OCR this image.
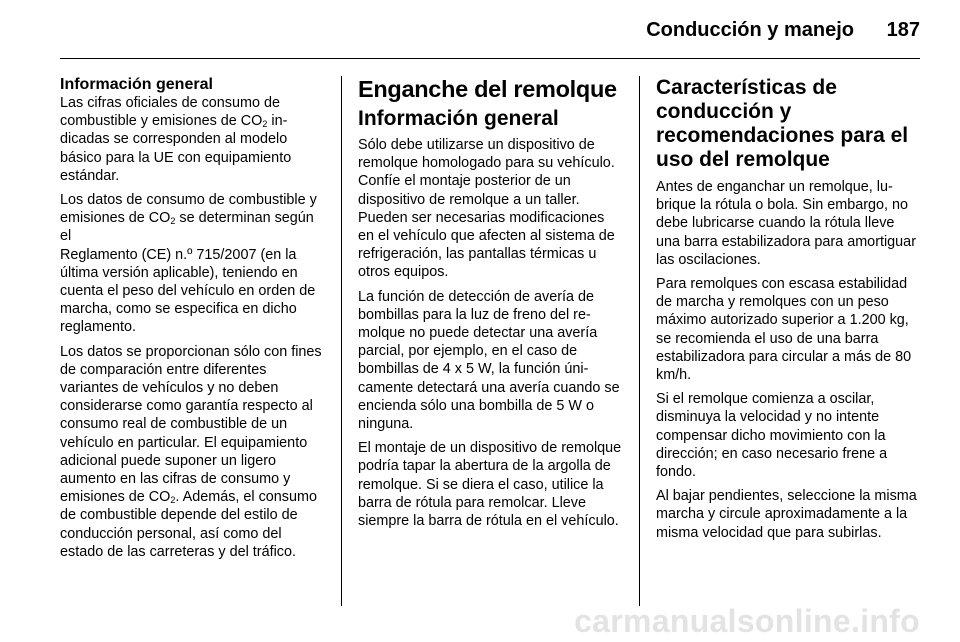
Conducción y manejo 187
Información general

Las cifras oficiales de consumo de combustible y emisiones de $CO_2$ indicadas se corresponden al modelo básico para la UE con equipamiento estándar.

Los datos de consumo de combustible y emisiones de $CO_2$ se determinan según el
Reglamento (CE) n.º 715/2007 (en la última versión aplicable), teniendo en cuenta el peso del vehículo en orden de marcha, como se especifica en dicho reglamento.

Los datos se proporcionan sólo con fines de comparación entre diferentes variantes de vehículos y no deben considerarse como garantía respecto al consumo real de combustible de un vehículo en particular. El equipamiento adicional puede suponer un ligero aumento en las cifras de consumo y emisiones de $CO_2$. Además, el consumo de combustible depende del estilo de conducción personal, así como del estado de las carreteras y del tráfico.

Enganche del remolque
Información general

Sólo debe utilizarse un dispositivo de remolque homologado para su vehículo. Confíe el montaje posterior de un dispositivo de remolque a un taller. Pueden ser necesarias modificaciones en el vehículo que afecten al sistema de refrigeración, las pantallas térmicas u otros equipos.

La función de detección de avería de bombillas para la luz de freno del remolque no puede detectar una avería parcial, por ejemplo, en el caso de bombillas de 4 x 5 W, la función únicamente detectará una avería cuando se encienda sólo una bombilla de 5 W o ninguna.

El montaje de un dispositivo de remolque podría tapar la abertura de la argolla de remolque. Si se diera el caso, utilice la barra de rótula para remolcar. Lleve siempre la barra de rótula en el vehículo.

Características de conducción y recomendaciones para el uso del remolque

Antes de enganchar un remolque, lubrique la rótula o bola. Sin embargo, no debe lubricarse cuando la rótula lleve una barra estabilizadora para amortiguar las oscilaciones.

Para remolques con escasa estabilidad de marcha y remolques con un peso máximo autorizado superior a 1.200 kg, se recomienda el uso de una barra estabilizadora para circular a más de 80 km/h.

Si el remolque comienza a oscilar, disminuya la velocidad y no intente compensar dicho movimiento con la dirección; en caso necesario frene a fondo.

Al bajar pendientes, seleccione la misma marcha y circule aproximadamente a la misma velocidad que para subirlas.

carmanualsonline.info
